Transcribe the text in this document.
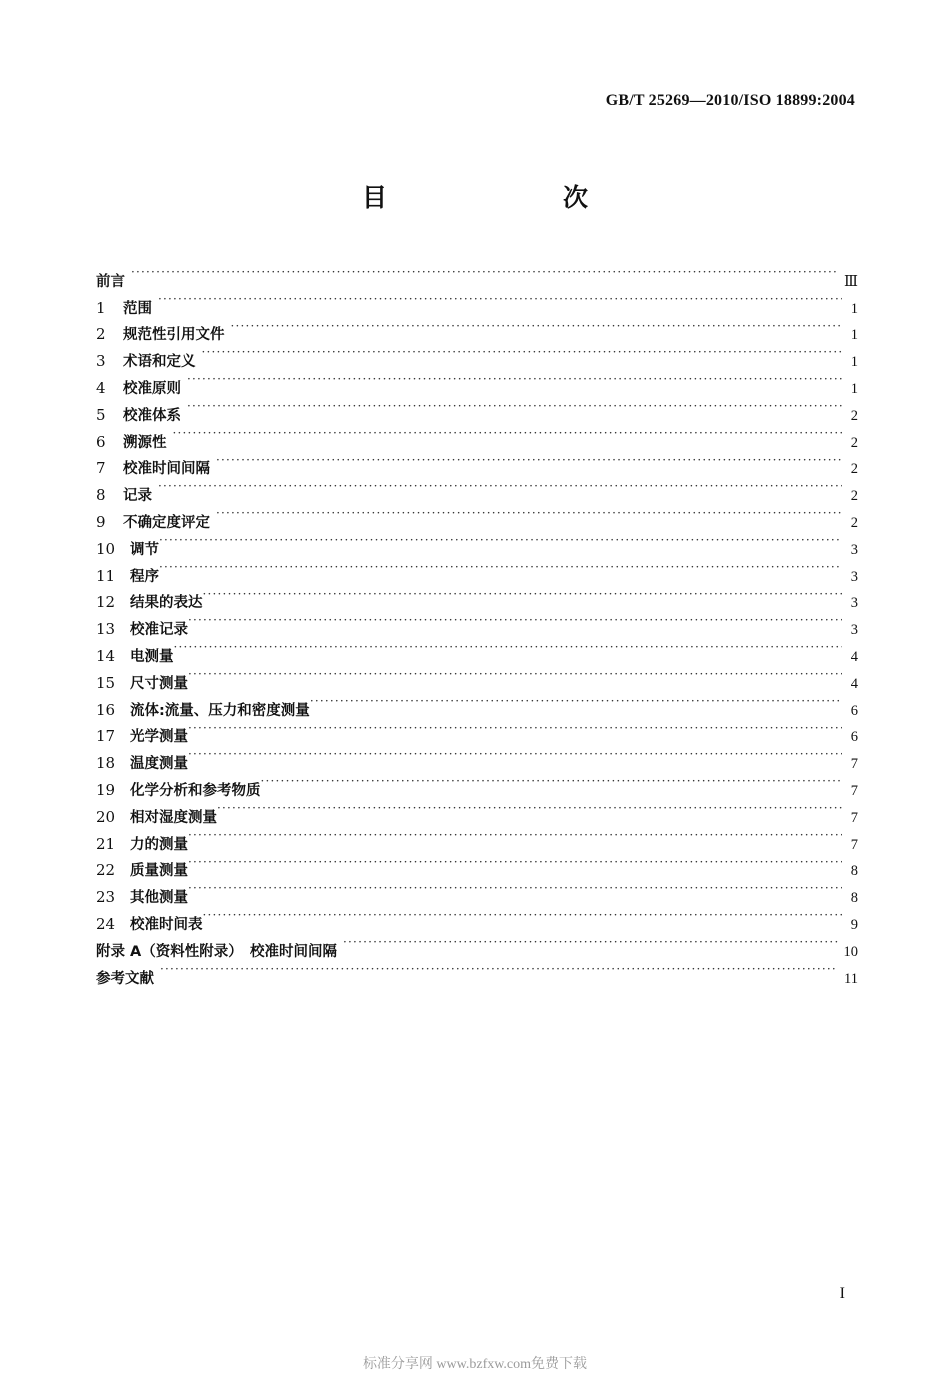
GB/T 25269—2010/ISO 18899:2004
目　　次
前言 ·····	Ⅲ
1	范围 ·····	1
2	规范性引用文件 ·····	1
3	术语和定义 ·····	1
4	校准原则 ·····	1
5	校准体系 ·····	2
6	溯源性 ·····	2
7	校准时间间隔 ·····	2
8	记录 ·····	2
9	不确定度评定 ·····	2
10	调节 ·····	3
11	程序 ·····	3
12	结果的表达 ·····	3
13	校准记录 ·····	3
14	电测量 ·····	4
15	尺寸测量 ·····	4
16	流体:流量、压力和密度测量 ·····	6
17	光学测量 ·····	6
18	温度测量 ·····	7
19	化学分析和参考物质 ·····	7
20	相对湿度测量 ·····	7
21	力的测量 ·····	7
22	质量测量 ·····	8
23	其他测量 ·····	8
24	校准时间表 ·····	9
附录 A（资料性附录）　校准时间间隔 ·····	10
参考文献 ·····	11
I
标准分享网 www.bzfxw.com免费下载
